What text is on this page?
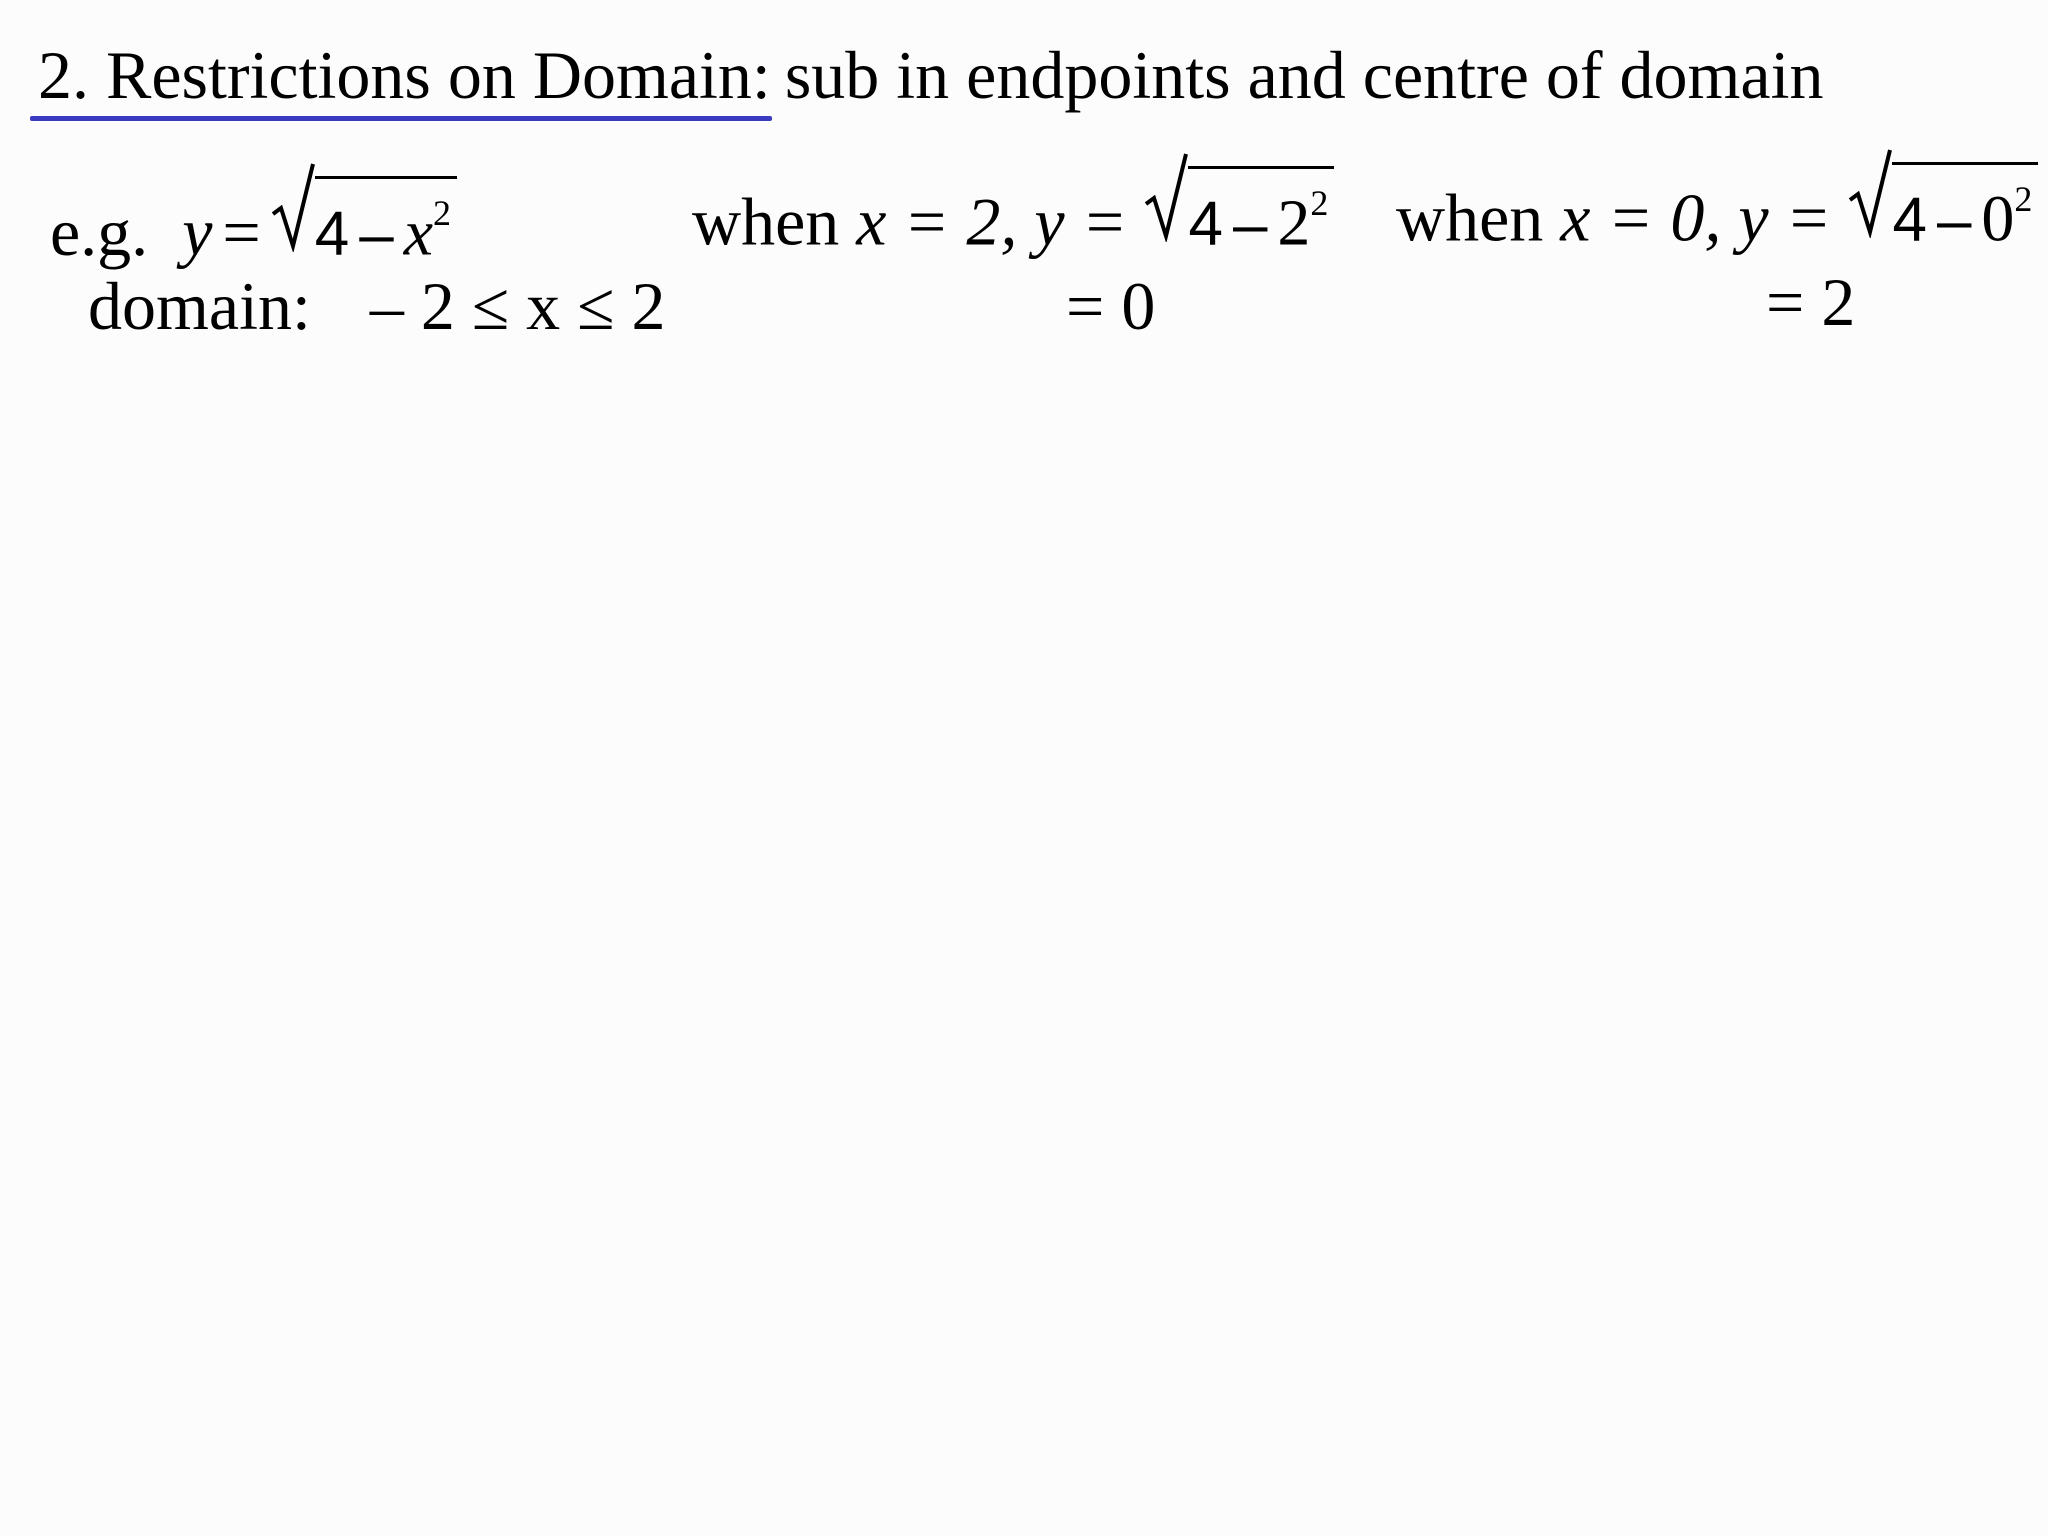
2. Restrictions on Domain: sub in endpoints and centre of domain
e.g. $y = 4 - x^2$
domain: – 2 ≤ x ≤ 2
when x = 2, $y = 4 - 2^2$
= 0
when x = 0, $y = 4 - 0^2$
= 2
